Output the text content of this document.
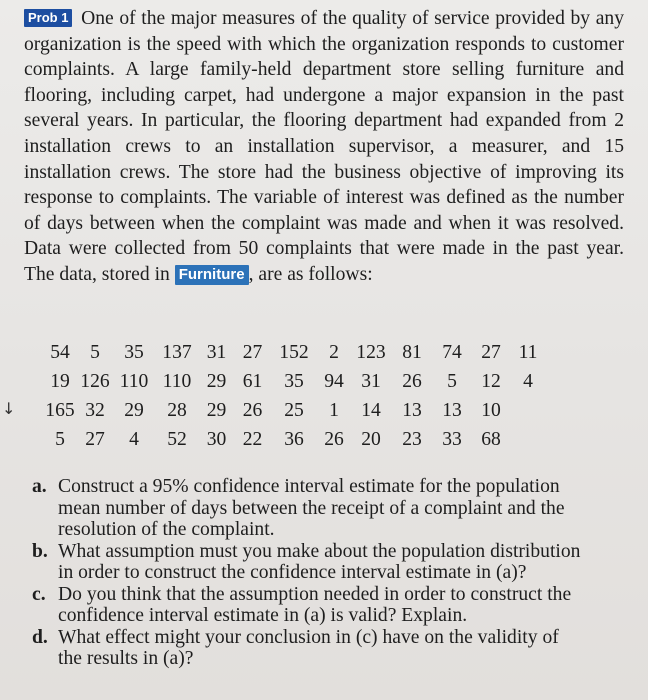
Prob 1 One of the major measures of the quality of service provided by any organization is the speed with which the organization responds to customer complaints. A large family-held department store selling furniture and flooring, including carpet, had undergone a major expansion in the past several years. In particular, the flooring department had expanded from 2 installation crews to an installation supervisor, a measurer, and 15 installation crews. The store had the business objective of improving its response to complaints. The variable of interest was defined as the number of days between when the complaint was made and when it was resolved. Data were collected from 50 complaints that were made in the past year. The data, stored in Furniture , are as follows:
↓
54	5	35	137	31	27	152	2	123	81	74	27	11
19	126	110	110	29	61	35	94	31	26	5	12	4
165	32	29	28	29	26	25	1	14	13	13	10	
5	27	4	52	30	22	36	26	20	23	33	68	
a. Construct a 95% confidence interval estimate for the population mean number of days between the receipt of a complaint and the resolution of the complaint.
b. What assumption must you make about the population distribution in order to construct the confidence interval estimate in (a)?
c. Do you think that the assumption needed in order to construct the confidence interval estimate in (a) is valid? Explain.
d. What effect might your conclusion in (c) have on the validity of the results in (a)?
